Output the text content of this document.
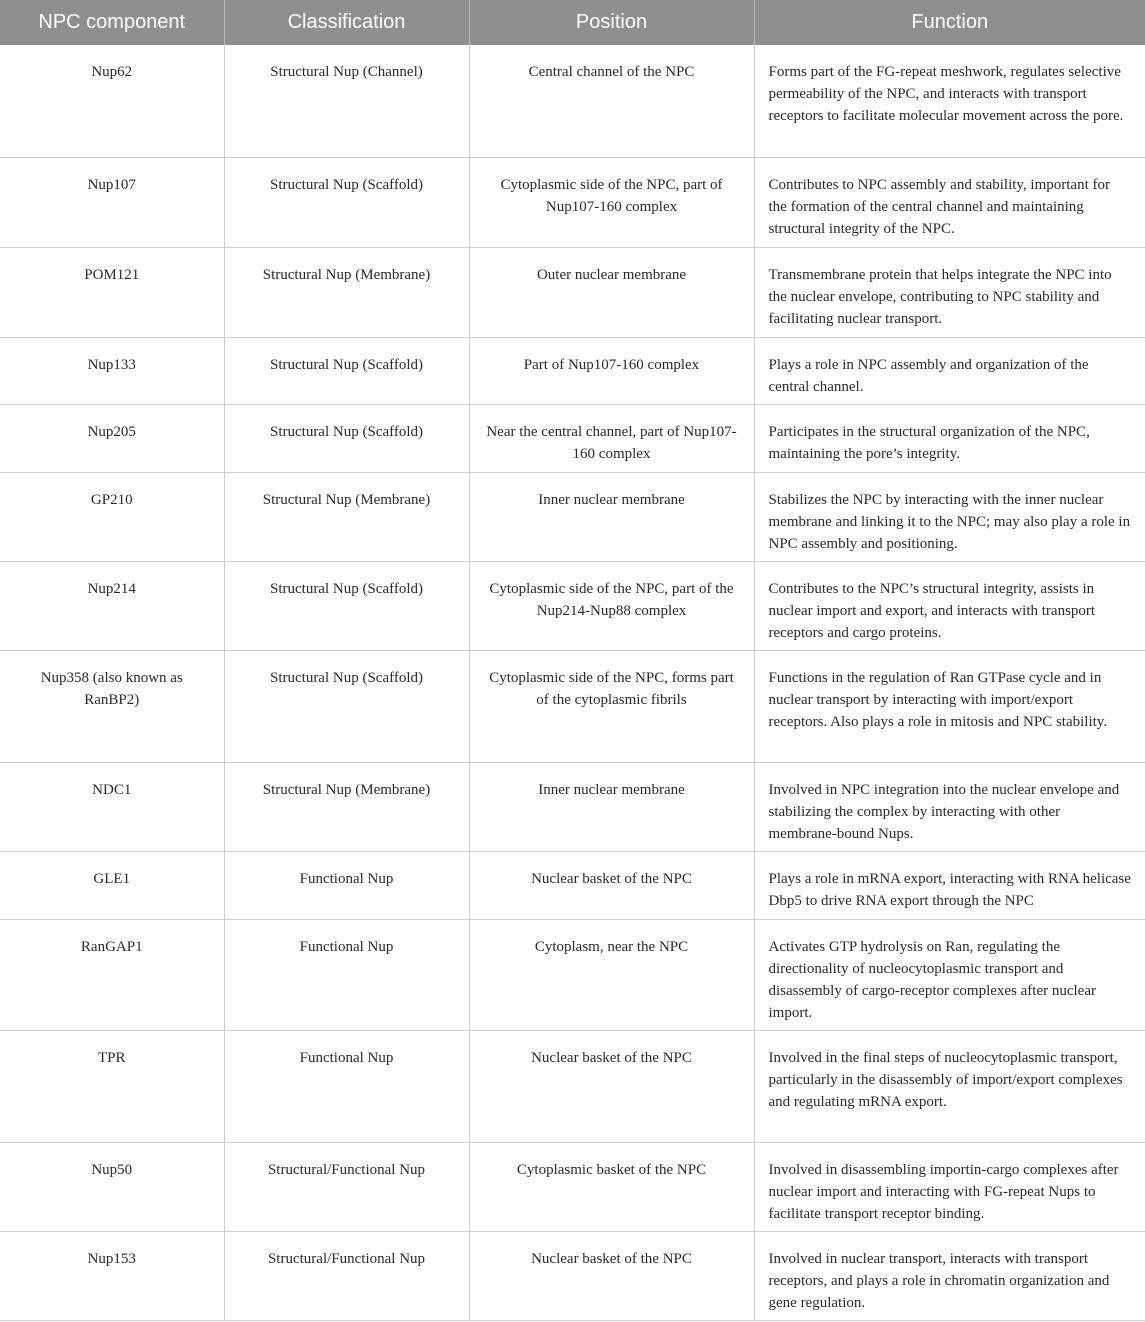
NPC component	Classification	Position	Function
Nup62	Structural Nup (Channel)	Central channel of the NPC	Forms part of the FG-repeat meshwork, regulates selective permeability of the NPC, and interacts with transport receptors to facilitate molecular movement across the pore.
Nup107	Structural Nup (Scaffold)	Cytoplasmic side of the NPC, part of Nup107-160 complex	Contributes to NPC assembly and stability, important for the formation of the central channel and maintaining structural integrity of the NPC.
POM121	Structural Nup (Membrane)	Outer nuclear membrane	Transmembrane protein that helps integrate the NPC into the nuclear envelope, contributing to NPC stability and facilitating nuclear transport.
Nup133	Structural Nup (Scaffold)	Part of Nup107-160 complex	Plays a role in NPC assembly and organization of the central channel.
Nup205	Structural Nup (Scaffold)	Near the central channel, part of Nup107-160 complex	Participates in the structural organization of the NPC, maintaining the pore’s integrity.
GP210	Structural Nup (Membrane)	Inner nuclear membrane	Stabilizes the NPC by interacting with the inner nuclear membrane and linking it to the NPC; may also play a role in NPC assembly and positioning.
Nup214	Structural Nup (Scaffold)	Cytoplasmic side of the NPC, part of the Nup214-Nup88 complex	Contributes to the NPC’s structural integrity, assists in nuclear import and export, and interacts with transport receptors and cargo proteins.
Nup358 (also known as RanBP2)	Structural Nup (Scaffold)	Cytoplasmic side of the NPC, forms part of the cytoplasmic fibrils	Functions in the regulation of Ran GTPase cycle and in nuclear transport by interacting with import/export receptors. Also plays a role in mitosis and NPC stability.
NDC1	Structural Nup (Membrane)	Inner nuclear membrane	Involved in NPC integration into the nuclear envelope and stabilizing the complex by interacting with other membrane-bound Nups.
GLE1	Functional Nup	Nuclear basket of the NPC	Plays a role in mRNA export, interacting with RNA helicase Dbp5 to drive RNA export through the NPC
RanGAP1	Functional Nup	Cytoplasm, near the NPC	Activates GTP hydrolysis on Ran, regulating the directionality of nucleocytoplasmic transport and disassembly of cargo-receptor complexes after nuclear import.
TPR	Functional Nup	Nuclear basket of the NPC	Involved in the final steps of nucleocytoplasmic transport, particularly in the disassembly of import/export complexes and regulating mRNA export.
Nup50	Structural/Functional Nup	Cytoplasmic basket of the NPC	Involved in disassembling importin-cargo complexes after nuclear import and interacting with FG-repeat Nups to facilitate transport receptor binding.
Nup153	Structural/Functional Nup	Nuclear basket of the NPC	Involved in nuclear transport, interacts with transport receptors, and plays a role in chromatin organization and gene regulation.
